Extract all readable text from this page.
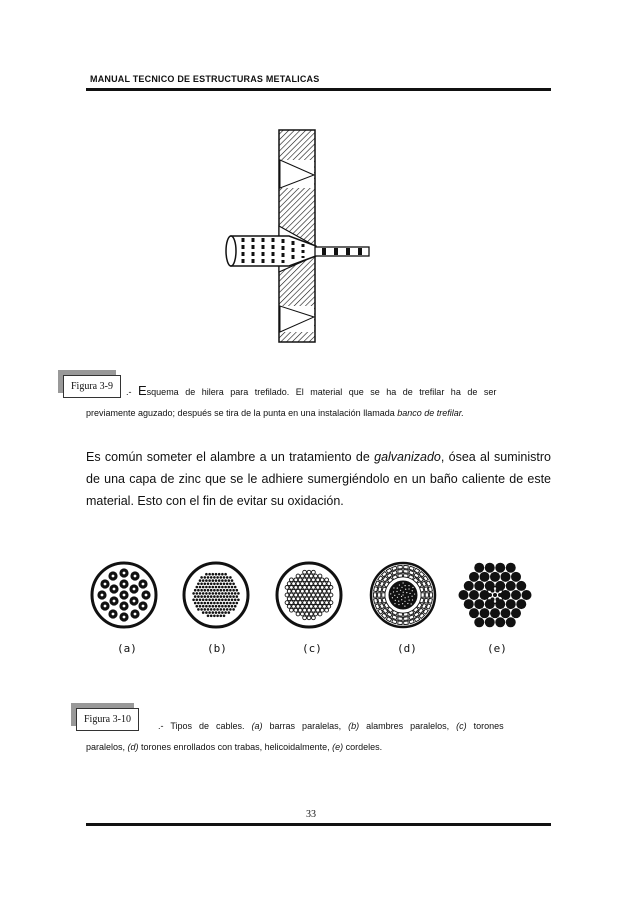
MANUAL TECNICO DE ESTRUCTURAS METALICAS
Figura 3-9	.- Esquema de hilera para trefilado. El material que se ha de trefilar ha de ser
previamente aguzado; después se tira de la punta en una instalación llamada banco de trefilar.
Es común someter el alambre a un tratamiento de galvanizado, ósea al suministro de una capa de zinc que se le adhiere sumergiéndolo en un baño caliente de este material. Esto con el fin de evitar su oxidación.
(a)	(b)	(c)	(d)	(e)
Figura 3-10
.- Tipos de cables. (a) barras paralelas, (b) alambres paralelos, (c) torones
paralelos, (d) torones enrollados con trabas, helicoidalmente, (e) cordeles.
33
